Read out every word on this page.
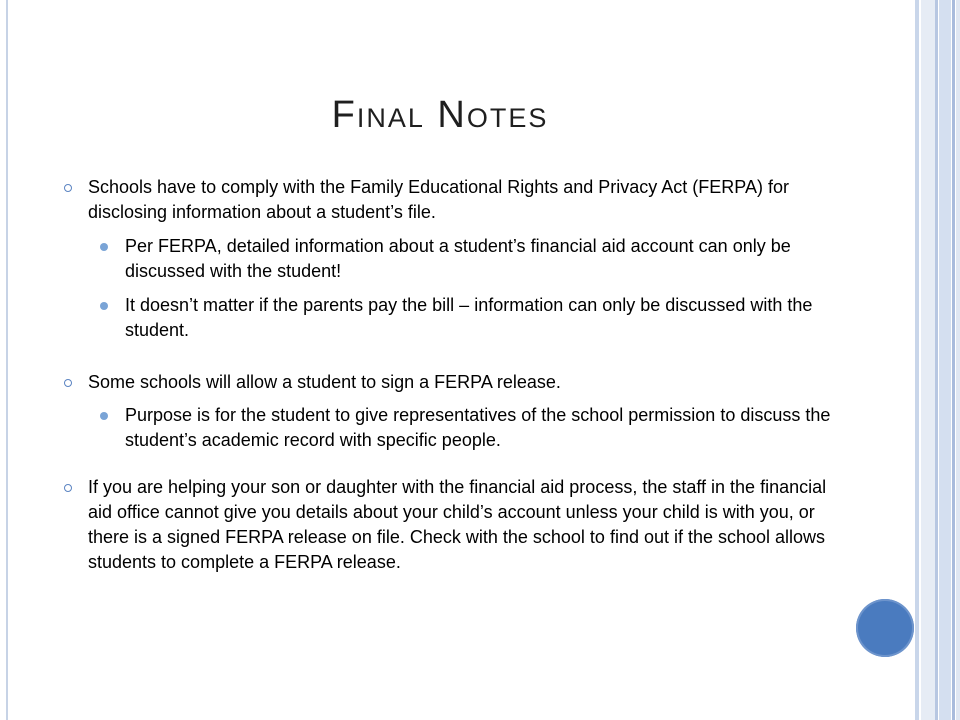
Final Notes
Schools have to comply with the Family Educational Rights and Privacy Act (FERPA) for disclosing information about a student’s file.
Per FERPA, detailed information about a student’s financial aid account can only be discussed with the student!
It doesn’t matter if the parents pay the bill – information can only be discussed with the student.
Some schools will allow a student to sign a FERPA release.
Purpose is for the student to give representatives of the school permission to discuss the student’s academic record with specific people.
If you are helping your son or daughter with the financial aid process, the staff in the financial aid office cannot give you details about your child’s account unless your child is with you, or there is a signed FERPA release on file. Check with the school to find out if the school allows students to complete a FERPA release.
